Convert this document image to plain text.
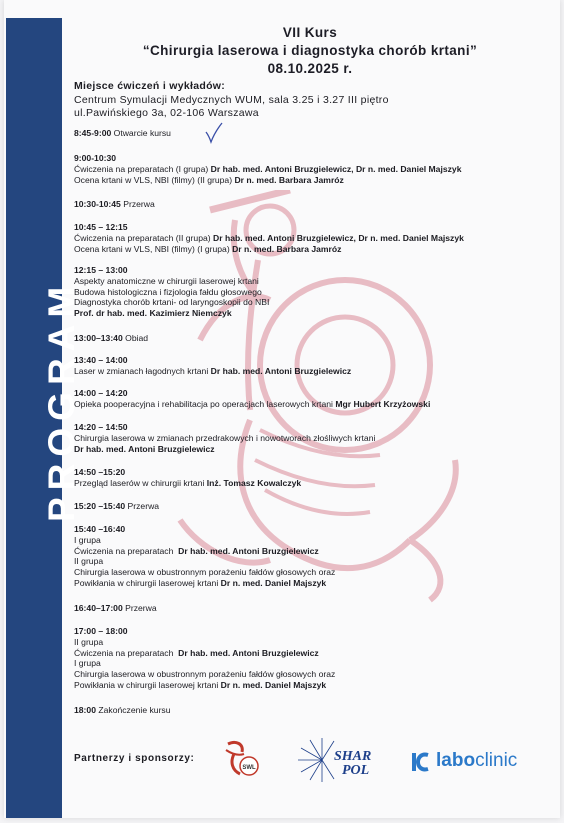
PROGRAM
VII Kurs
“Chirurgia laserowa i diagnostyka chorób krtani”
08.10.2025 r.
Miejsce ćwiczeń i wykładów:
Centrum Symulacji Medycznych WUM, sala 3.25 i 3.27 III piętro
ul.Pawińskiego 3a, 02-106 Warszawa
8:45-9:00 Otwarcie kursu
9:00-10:30
Ćwiczenia na preparatach (I grupa) Dr hab. med. Antoni Bruzgielewicz, Dr n. med. Daniel Majszyk
Ocena krtani w VLS, NBI (filmy) (II grupa) Dr n. med. Barbara Jamróz
10:30-10:45 Przerwa
10:45 – 12:15
Ćwiczenia na preparatach (II grupa) Dr hab. med. Antoni Bruzgielewicz, Dr n. med. Daniel Majszyk
Ocena krtani w VLS, NBI (filmy) (I grupa) Dr n. med. Barbara Jamróz
12:15 – 13:00
Aspekty anatomiczne w chirurgii laserowej krtani
Budowa histologiczna i fizjologia fałdu głosowego
Diagnostyka chorób krtani- od laryngoskopii do NBI
Prof. dr hab. med. Kazimierz Niemczyk
13:00–13:40 Obiad
13:40 – 14:00
Laser w zmianach łagodnych krtani Dr hab. med. Antoni Bruzgielewicz
14:00 – 14:20
Opieka pooperacyjna i rehabilitacja po operacjach laserowych krtani Mgr Hubert Krzyżowski
14:20 – 14:50
Chirurgia laserowa w zmianach przedrakowych i nowotworach złośliwych krtani
Dr hab. med. Antoni Bruzgielewicz
14:50 –15:20
Przegląd laserów w chirurgii krtani Inż. Tomasz Kowalczyk
15:20 –15:40 Przerwa
15:40 –16:40
I grupa
Ćwiczenia na preparatach Dr hab. med. Antoni Bruzgielewicz
II grupa
Chirurgia laserowa w obustronnym porażeniu fałdów głosowych oraz
Powikłania w chirurgii laserowej krtani Dr n. med. Daniel Majszyk
16:40–17:00 Przerwa
17:00 – 18:00
II grupa
Ćwiczenia na preparatach Dr hab. med. Antoni Bruzgielewicz
I grupa
Chirurgia laserowa w obustronnym porażeniu fałdów głosowych oraz
Powikłania w chirurgii laserowej krtani Dr n. med. Daniel Majszyk
18:00 Zakończenie kursu
Partnerzy i sponsorzy:
SWL
SHAR
POL	laboclinic
